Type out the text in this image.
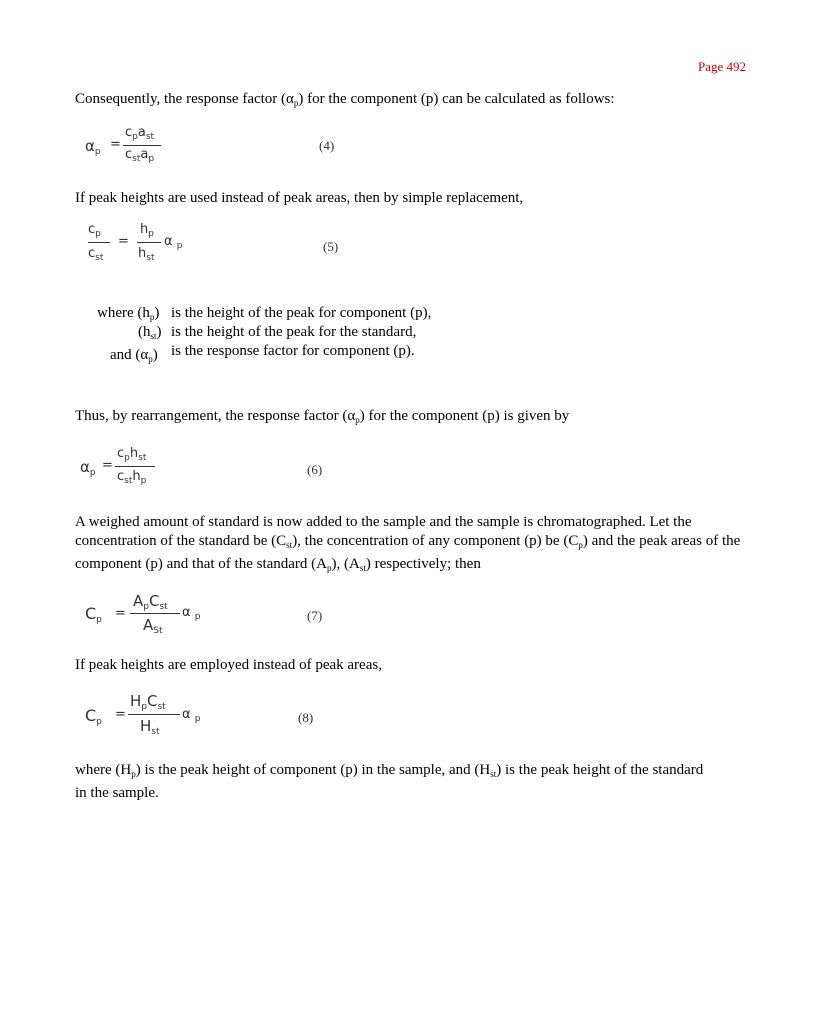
Page 492
Consequently, the response factor $(\alpha_p)$ for the component (p) can be calculated as follows:
$\alpha_p$ =
$c_pa_{st}$
$c_{st}a_p$
(4)
If peak heights are used instead of peak areas, then by simple replacement,
$c_p$
$c_{st}$
=
$h_p$
$h_{st}$
α $_p$	(5)
where $(h_p)$ is the height of the peak for component (p),
$(h_{st})$ is the height of the peak for the standard,
and $(\alpha_p)$ is the response factor for component (p).
Thus, by rearrangement, the response factor $(\alpha_p)$ for the component (p) is given by
$\alpha_p$ =
$c_ph_{st}$
$c_{st}h_p$
(6)
A weighed amount of standard is now added to the sample and the sample is chromatographed. Let the concentration of the standard be $(C_{st})$, the concentration of any component (p) be $(C_p)$ and the peak areas of the component (p) and that of the standard $(A_p)$, $(A_{st})$ respectively; then
$C_p$ =
$A_pC_{st}$
$A_{St}$
α $_p$	(7)
If peak heights are employed instead of peak areas,
$C_p$ =
$H_pC_{st}$
$H_{st}$
α $_p$	(8)
where $(H_p)$ is the peak height of component (p) in the sample, and $(H_{st})$ is the peak height of the standard in the sample.
